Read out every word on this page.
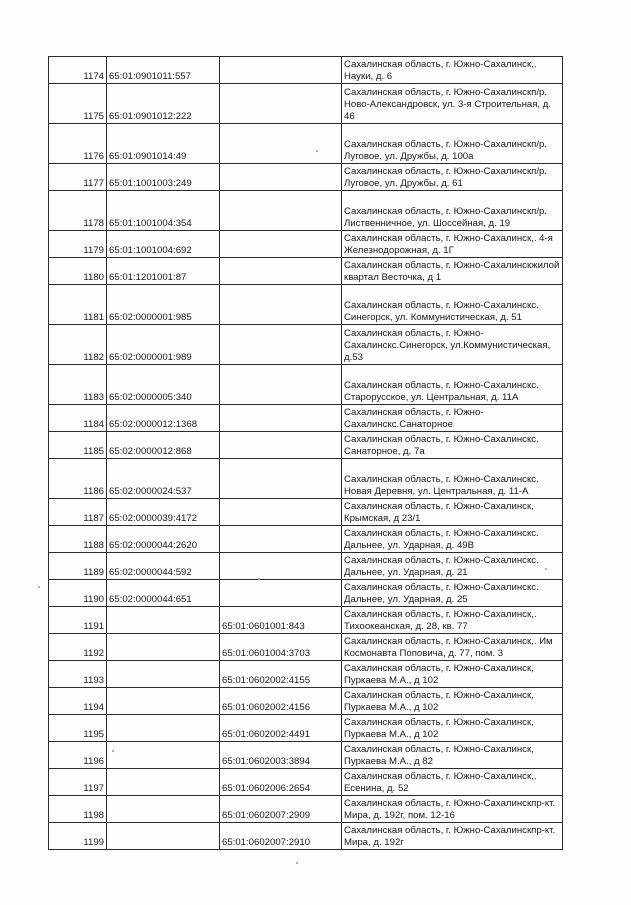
1174	65:01:0901011:557		Сахалинская область, г. Южно-Сахалинск,.
Науки, д. 6
1175	65:01:0901012:222		Сахалинская область, г. Южно-Сахалинскп/р.
Ново-Александровск, ул. 3-я Строительная, д.
46
1176	65:01:0901014:49		Сахалинская область, г. Южно-Сахалинскп/р.
Луговое, ул. Дружбы, д. 100а
1177	65:01:1001003:249		Сахалинская область, г. Южно-Сахалинскп/р.
Луговое, ул. Дружбы, д. 61
1178	65:01:1001004:354		Сахалинская область, г. Южно-Сахалинскп/р.
Лиственничное, ул. Шоссейная, д. 19
1179	65:01:1001004:692		Сахалинская область, г. Южно-Сахалинск,. 4-я
Железнодорожная, д. 1Г
1180	65:01:1201001:87		Сахалинская область, г. Южно-Сахалинскжилой
квартал Весточка, д 1
1181	65:02:0000001:985		Сахалинская область, г. Южно-Сахалинскс.
Синегорск, ул. Коммунистическая, д. 51
1182	65:02:0000001:989		Сахалинская область, г. Южно-
Сахалинскс.Синегорск, ул.Коммунистическая,
д.53
1183	65:02:0000005:340		Сахалинская область, г. Южно-Сахалинскс.
Старорусское, ул. Центральная, д. 11А
1184	65:02:0000012:1368		Сахалинская область, г. Южно-
Сахалинскс.Санаторное
1185	65:02:0000012:868		Сахалинская область, г. Южно-Сахалинскс.
Санаторное, д. 7а
1186	65:02:0000024:537		Сахалинская область, г. Южно-Сахалинскс.
Новая Деревня, ул. Центральная, д. 11-А
1187	65:02:0000039:4172		Сахалинская область, г. Южно-Сахалинск,
Крымская, д 23/1
1188	65:02:0000044:2620		Сахалинская область, г. Южно-Сахалинскс.
Дальнее, ул. Ударная, д. 49В
1189	65:02:0000044:592		Сахалинская область, г. Южно-Сахалинскс.
Дальнее, ул. Ударная, д. 21
1190	65:02:0000044:651		Сахалинская область, г. Южно-Сахалинскс.
Дальнее, ул. Ударная, д. 25
1191		65:01:0601001:843	Сахалинская область, г. Южно-Сахалинск,.
Тихоокеанская, д. 28, кв. 77
1192		65:01:0601004:3703	Сахалинская область, г. Южно-Сахалинск,. Им
Космонавта Поповича, д. 77, пом. 3
1193		65:01:0602002:4155	Сахалинская область, г. Южно-Сахалинск,
Пуркаева М.А., д 102
1194		65:01:0602002:4156	Сахалинская область, г. Южно-Сахалинск,
Пуркаева М.А., д 102
1195		65:01:0602002:4491	Сахалинская область, г. Южно-Сахалинск,
Пуркаева М.А., д 102
1196		65:01:0602003:3894	Сахалинская область, г. Южно-Сахалинск,
Пуркаева М.А., д 82
1197		65:01:0602006:2654	Сахалинская область, г. Южно-Сахалинск,.
Есенина, д. 52
1198		65:01:0602007:2909	Сахалинская область, г. Южно-Сахалинскпр-кт.
Мира, д. 192г, пом. 12-16
1199		65:01:0602007:2910	Сахалинская область, г. Южно-Сахалинскпр-кт.
Мира, д. 192г
